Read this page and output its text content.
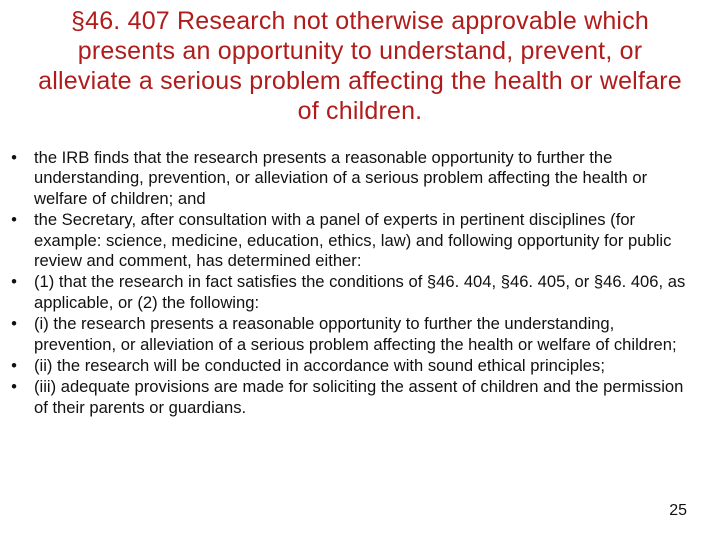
§46. 407 Research not otherwise approvable which presents an opportunity to understand, prevent, or alleviate a serious problem affecting the health or welfare of children.
•	the IRB finds that the research presents a reasonable opportunity to further the understanding, prevention, or alleviation of a serious problem affecting the health or welfare of children; and
•	the Secretary, after consultation with a panel of experts in pertinent disciplines (for example: science, medicine, education, ethics, law) and following opportunity for public review and comment, has determined either:
•	(1) that the research in fact satisfies the conditions of §46. 404, §46. 405, or §46. 406, as applicable, or (2) the following:
•	(i) the research presents a reasonable opportunity to further the understanding, prevention, or alleviation of a serious problem affecting the health or welfare of children;
•	(ii) the research will be conducted in accordance with sound ethical principles;
•	(iii) adequate provisions are made for soliciting the assent of children and the permission of their parents or guardians.
25
